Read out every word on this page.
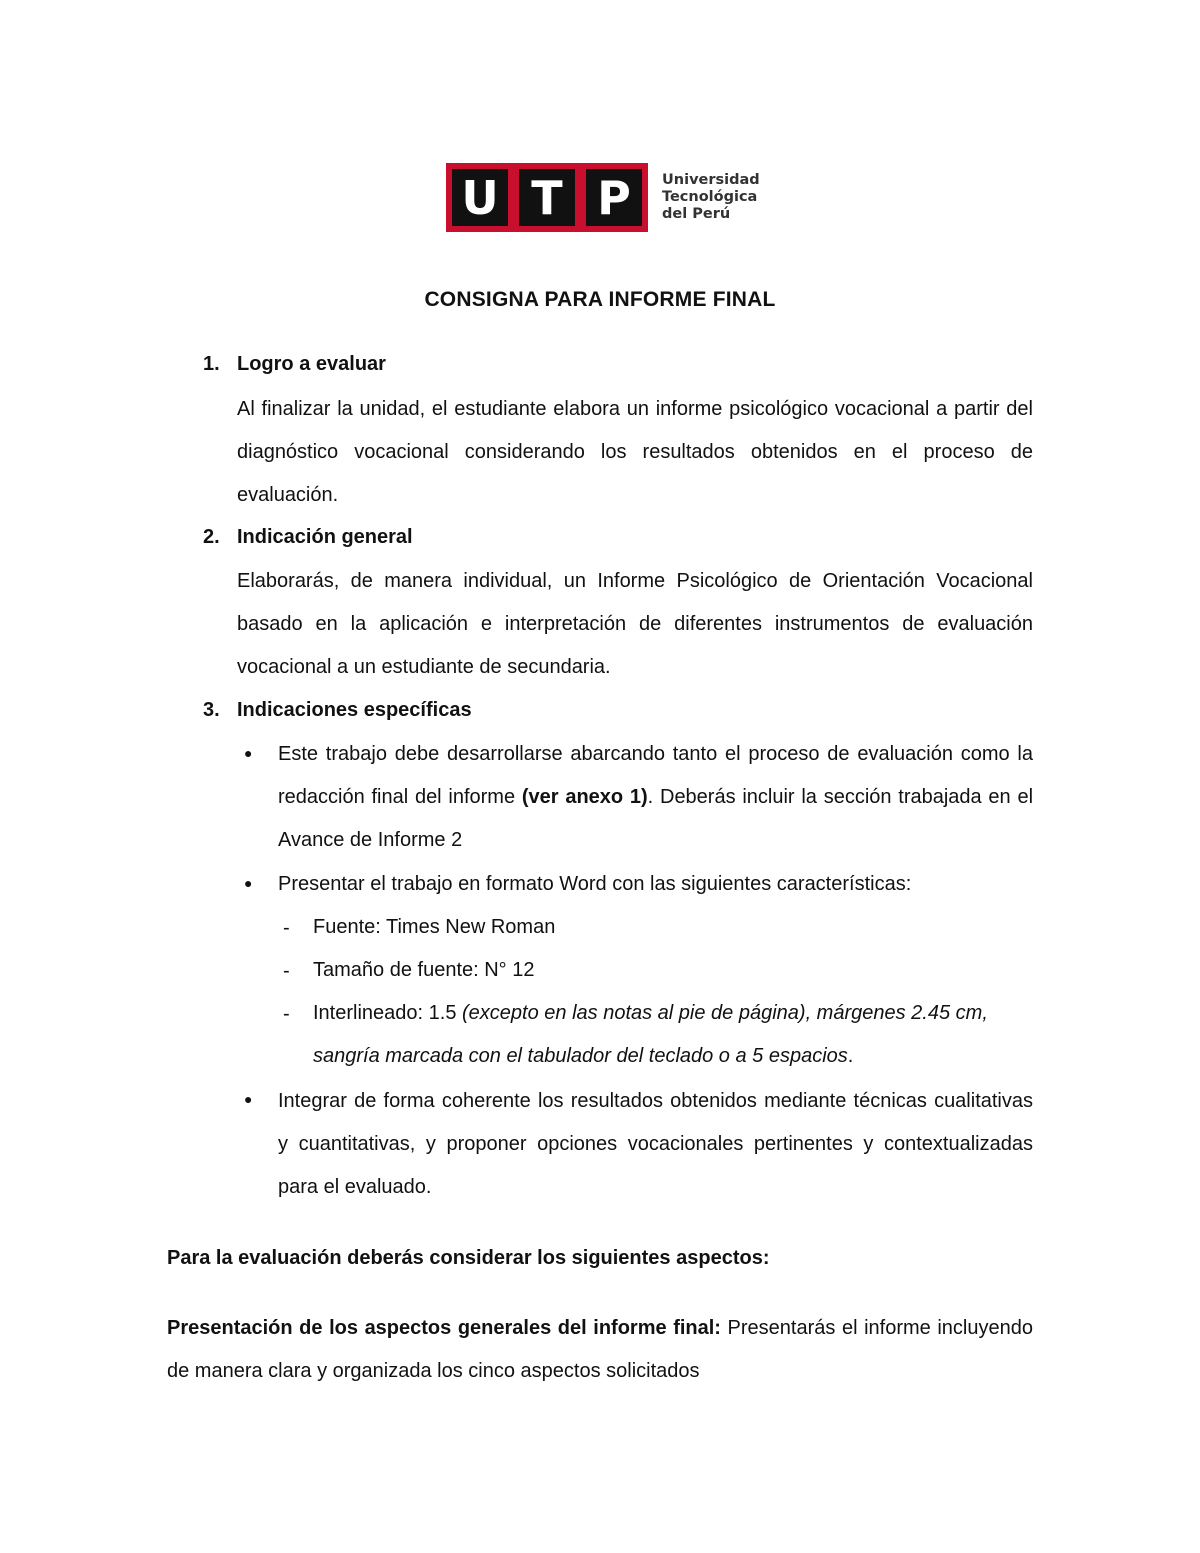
U T P	Universidad
Tecnológica
del Perú
CONSIGNA PARA INFORME FINAL
1. Logro a evaluar
Al finalizar la unidad, el estudiante elabora un informe psicológico vocacional a partir del diagnóstico vocacional considerando los resultados obtenidos en el proceso de evaluación.
2. Indicación general
Elaborarás, de manera individual, un Informe Psicológico de Orientación Vocacional basado en la aplicación e interpretación de diferentes instrumentos de evaluación vocacional a un estudiante de secundaria.
3. Indicaciones específicas
● Este trabajo debe desarrollarse abarcando tanto el proceso de evaluación como la redacción final del informe (ver anexo 1). Deberás incluir la sección trabajada en el Avance de Informe 2
● Presentar el trabajo en formato Word con las siguientes características:
- Fuente: Times New Roman
- Tamaño de fuente: N° 12
- Interlineado: 1.5 (excepto en las notas al pie de página), márgenes 2.45 cm, sangría marcada con el tabulador del teclado o a 5 espacios.
● Integrar de forma coherente los resultados obtenidos mediante técnicas cualitativas y cuantitativas, y proponer opciones vocacionales pertinentes y contextualizadas para el evaluado.
Para la evaluación deberás considerar los siguientes aspectos:
Presentación de los aspectos generales del informe final: Presentarás el informe incluyendo de manera clara y organizada los cinco aspectos solicitados
